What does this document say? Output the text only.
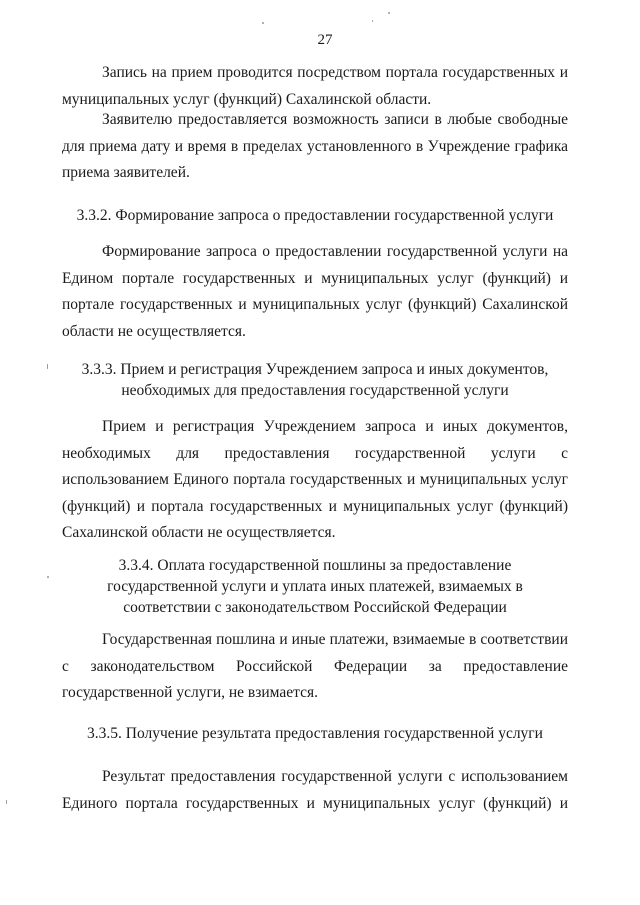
27

Запись на прием проводится посредством портала государственных и муниципальных услуг (функций) Сахалинской области.

Заявителю предоставляется возможность записи в любые свободные для приема дату и время в пределах установленного в Учреждение графика приема заявителей.

3.3.2. Формирование запроса о предоставлении государственной услуги

Формирование запроса о предоставлении государственной услуги на Едином портале государственных и муниципальных услуг (функций) и портале государственных и муниципальных услуг (функций) Сахалинской области не осуществляется.

3.3.3. Прием и регистрация Учреждением запроса и иных документов,
необходимых для предоставления государственной услуги

Прием и регистрация Учреждением запроса и иных документов, необходимых для предоставления государственной услуги с использованием Единого портала государственных и муниципальных услуг (функций) и портала государственных и муниципальных услуг (функций) Сахалинской области не осуществляется.

3.3.4. Оплата государственной пошлины за предоставление
государственной услуги и уплата иных платежей, взимаемых в
соответствии с законодательством Российской Федерации

Государственная пошлина и иные платежи, взимаемые в соответствии с законодательством Российской Федерации за предоставление государственной услуги, не взимается.

3.3.5. Получение результата предоставления государственной услуги

Результат предоставления государственной услуги с использованием Единого портала государственных и муниципальных услуг (функций) и
